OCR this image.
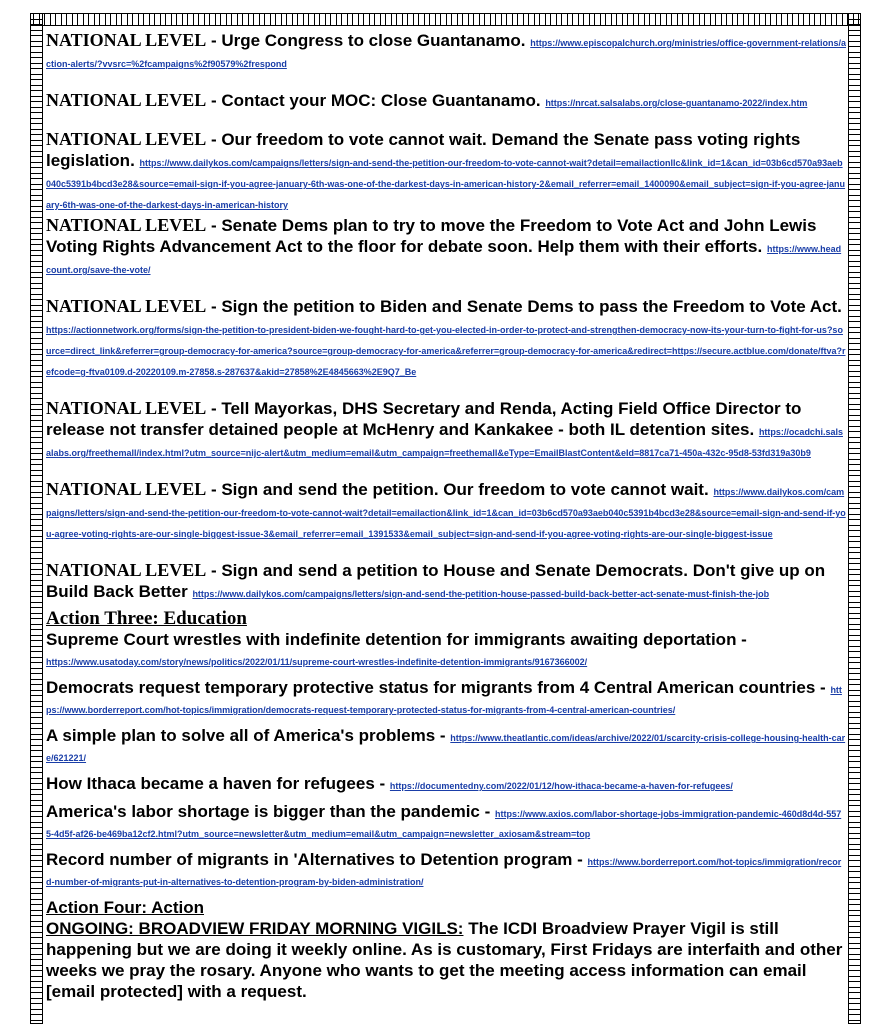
NATIONAL LEVEL - Urge Congress to close Guantanamo. https://www.episcopalchurch.org/ministries/office-government-relations/action-alerts/?vvsrc=%2fcampaigns%2f90579%2frespond

NATIONAL LEVEL - Contact your MOC: Close Guantanamo. https://nrcat.salsalabs.org/close-guantanamo-2022/index.htm

NATIONAL LEVEL - Our freedom to vote cannot wait. Demand the Senate pass voting rights legislation. https://www.dailykos.com/campaigns/letters/sign-and-send-the-petition-our-freedom-to-vote-cannot-wait?detail=emailactionllc&link_id=1&can_id=03b6cd570a93aeb040c5391b4bcd3e28&source=email-sign-if-you-agree-january-6th-was-one-of-the-darkest-days-in-american-history-2&email_referrer=email_1400090&email_subject=sign-if-you-agree-january-6th-was-one-of-the-darkest-days-in-american-history

NATIONAL LEVEL - Senate Dems plan to try to move the Freedom to Vote Act and John Lewis Voting Rights Advancement Act to the floor for debate soon. Help them with their efforts. https://www.headcount.org/save-the-vote/

NATIONAL LEVEL - Sign the petition to Biden and Senate Dems to pass the Freedom to Vote Act. https://actionnetwork.org/forms/sign-the-petition-to-president-biden-we-fought-hard-to-get-you-elected-in-order-to-protect-and-strengthen-democracy-now-its-your-turn-to-fight-for-us?source=direct_link&referrer=group-democracy-for-america?source=group-democracy-for-america&referrer=group-democracy-for-america&redirect=https://secure.actblue.com/donate/ftva?refcode=g-ftva0109.d-20220109.m-27858.s-287637&akid=27858%2E4845663%2E9Q7_Be

NATIONAL LEVEL - Tell Mayorkas, DHS Secretary and Renda, Acting Field Office Director to release not transfer detained people at McHenry and Kankakee - both IL detention sites. https://ocadchi.salsalabs.org/freethemall/index.html?utm_source=nijc-alert&utm_medium=email&utm_campaign=freethemall&eType=EmailBlastContent&eId=8817ca71-450a-432c-95d8-53fd319a30b9

NATIONAL LEVEL - Sign and send the petition. Our freedom to vote cannot wait. https://www.dailykos.com/campaigns/letters/sign-and-send-the-petition-our-freedom-to-vote-cannot-wait?detail=emailaction&link_id=1&can_id=03b6cd570a93aeb040c5391b4bcd3e28&source=email-sign-and-send-if-you-agree-voting-rights-are-our-single-biggest-issue-3&email_referrer=email_1391533&email_subject=sign-and-send-if-you-agree-voting-rights-are-our-single-biggest-issue

NATIONAL LEVEL - Sign and send a petition to House and Senate Democrats. Don't give up on Build Back Better https://www.dailykos.com/campaigns/letters/sign-and-send-the-petition-house-passed-build-back-better-act-senate-must-finish-the-job

Action Three: Education

Supreme Court wrestles with indefinite detention for immigrants awaiting deportation -
https://www.usatoday.com/story/news/politics/2022/01/11/supreme-court-wrestles-indefinite-detention-immigrants/9167366002/

Democrats request temporary protective status for migrants from 4 Central American countries - https://www.borderreport.com/hot-topics/immigration/democrats-request-temporary-protected-status-for-migrants-from-4-central-american-countries/

A simple plan to solve all of America's problems - https://www.theatlantic.com/ideas/archive/2022/01/scarcity-crisis-college-housing-health-care/621221/

How Ithaca became a haven for refugees - https://documentedny.com/2022/01/12/how-ithaca-became-a-haven-for-refugees/

America's labor shortage is bigger than the pandemic - https://www.axios.com/labor-shortage-jobs-immigration-pandemic-460d8d4d-5575-4d5f-af26-be469ba12cf2.html?utm_source=newsletter&utm_medium=email&utm_campaign=newsletter_axiosam&stream=top

Record number of migrants in 'Alternatives to Detention program - https://www.borderreport.com/hot-topics/immigration/record-number-of-migrants-put-in-alternatives-to-detention-program-by-biden-administration/

Action Four: Action

ONGOING: BROADVIEW FRIDAY MORNING VIGILS: The ICDI Broadview Prayer Vigil is still happening but we are doing it weekly online. As is customary, First Fridays are interfaith and other weeks we pray the rosary. Anyone who wants to get the meeting access information can email [email protected] with a request.
